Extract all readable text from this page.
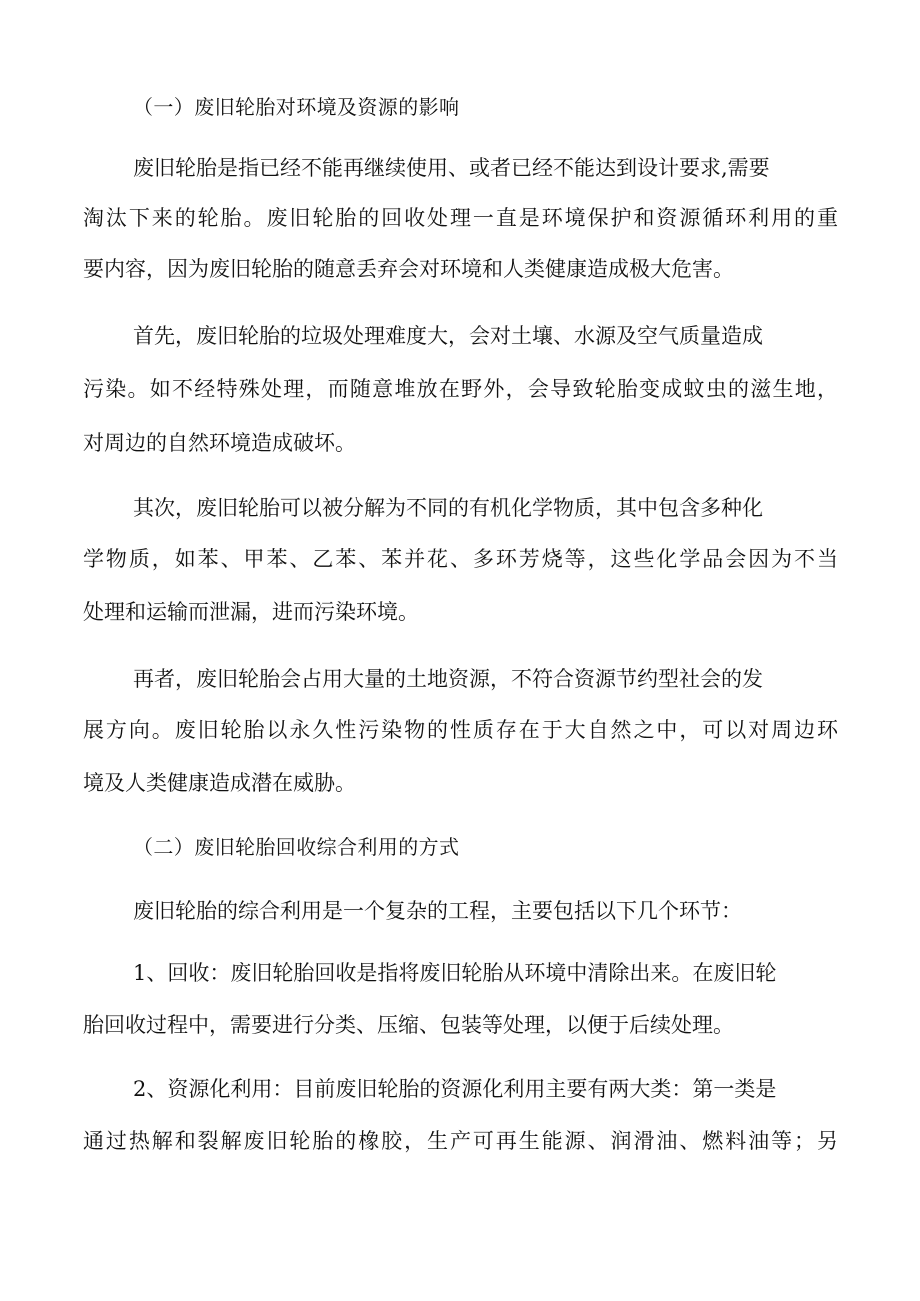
（一）废旧轮胎对环境及资源的影响
废旧轮胎是指已经不能再继续使用、或者已经不能达到设计要求,需要
淘汰下来的轮胎。废旧轮胎的回收处理一直是环境保护和资源循环利用的重
要内容，因为废旧轮胎的随意丢弃会对环境和人类健康造成极大危害。
首先，废旧轮胎的垃圾处理难度大，会对土壤、水源及空气质量造成
污染。如不经特殊处理，而随意堆放在野外，会导致轮胎变成蚊虫的滋生地，
对周边的自然环境造成破坏。
其次，废旧轮胎可以被分解为不同的有机化学物质，其中包含多种化
学物质，如苯、甲苯、乙苯、苯并花、多环芳烧等，这些化学品会因为不当
处理和运输而泄漏，进而污染环境。
再者，废旧轮胎会占用大量的土地资源，不符合资源节约型社会的发
展方向。废旧轮胎以永久性污染物的性质存在于大自然之中，可以对周边环
境及人类健康造成潜在威胁。
（二）废旧轮胎回收综合利用的方式
废旧轮胎的综合利用是一个复杂的工程，主要包括以下几个环节：
1、回收：废旧轮胎回收是指将废旧轮胎从环境中清除出来。在废旧轮
胎回收过程中，需要进行分类、压缩、包装等处理，以便于后续处理。
2、资源化利用：目前废旧轮胎的资源化利用主要有两大类：第一类是
通过热解和裂解废旧轮胎的橡胶，生产可再生能源、润滑油、燃料油等；另
